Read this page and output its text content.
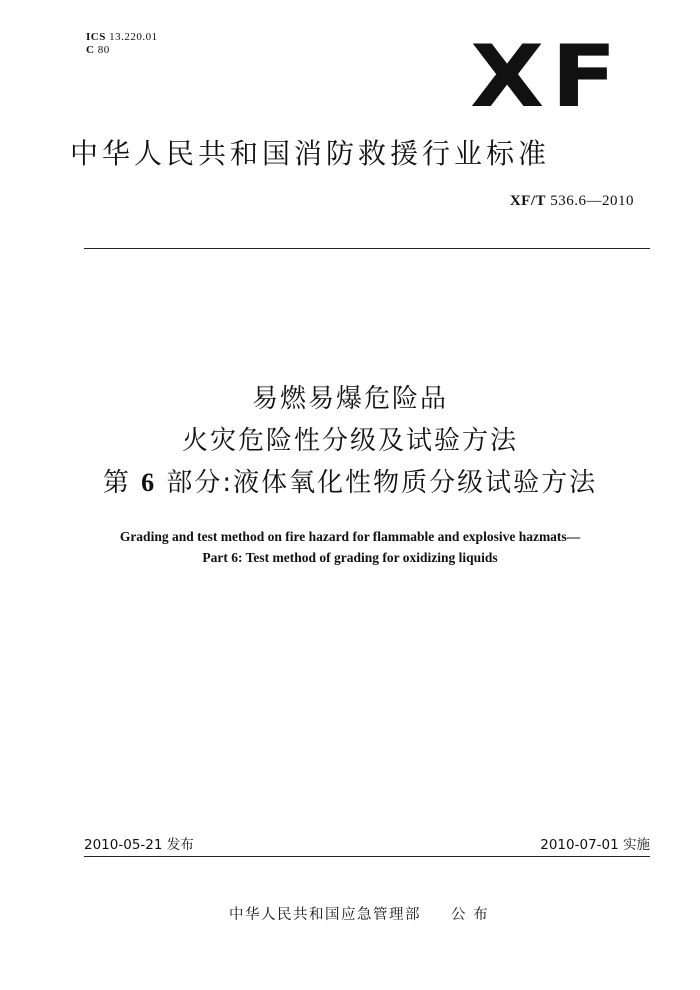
ICS 13.220.01
C 80	XF
中华人民共和国消防救援行业标准
XF/T 536.6—2010
易燃易爆危险品
火灾危险性分级及试验方法
第 6 部分:液体氧化性物质分级试验方法
Grading and test method on fire hazard for flammable and explosive hazmats—
Part 6: Test method of grading for oxidizing liquids
2010-05-21 发布	2010-07-01 实施
中华人民共和国应急管理部 公 布
